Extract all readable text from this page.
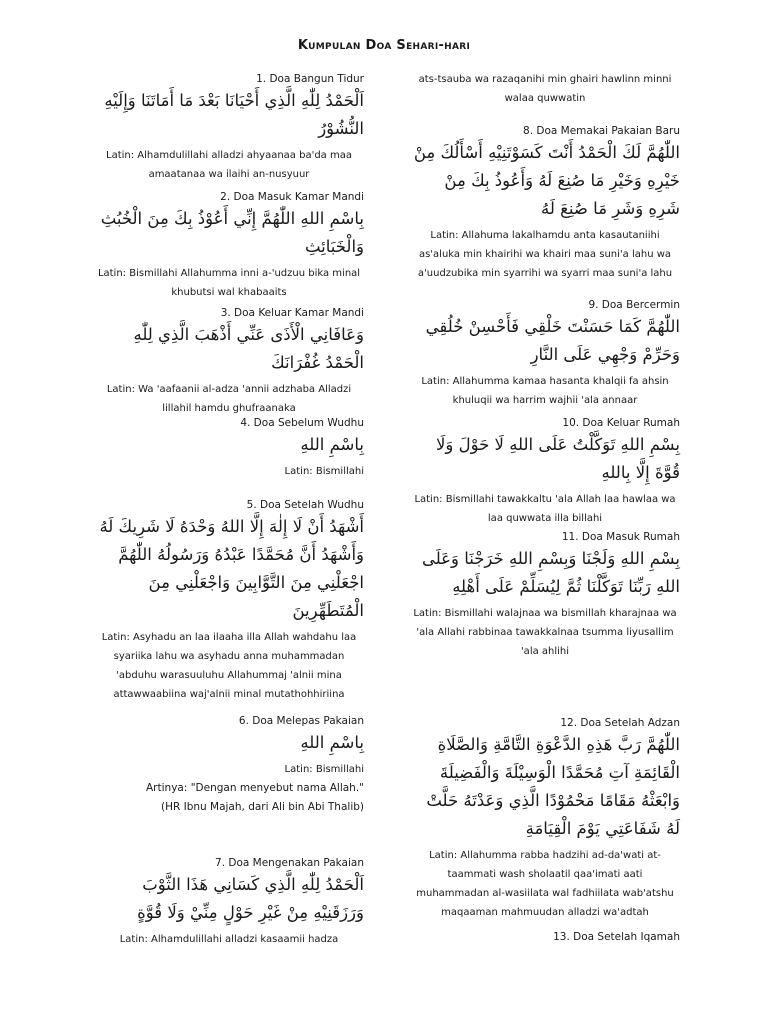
Kumpulan Doa Sehari-hari
1. Doa Bangun Tidur
اَلْحَمْدُ لِلّٰهِ الَّذِي أَحْيَانَا بَعْدَ مَا أَمَاتَنَا وَإِلَيْهِ النُّشُوْرُ
Latin: Alhamdulillahi alladzi ahyaanaa ba'da maa amaatanaa wa ilaihi an-nusyuur
2. Doa Masuk Kamar Mandi
بِاسْمِ اللهِ اللّٰهُمَّ إِنِّي أَعُوْذُ بِكَ مِنَ الْخُبُثِ وَالْخَبَائِثِ
Latin: Bismillahi Allahumma inni a-'udzuu bika minal khubutsi wal khabaaits
3. Doa Keluar Kamar Mandi
وَعَافَانِي الْأَذَى عَنِّي أَذْهَبَ الَّذِي لِلّٰهِ الْحَمْدُ غُفْرَانَكَ
Latin: Wa 'aafaanii al-adza 'annii adzhaba Alladzi lillahil hamdu ghufraanaka
4. Doa Sebelum Wudhu
بِاسْمِ اللهِ
Latin: Bismillahi
5. Doa Setelah Wudhu
أَشْهَدُ أَنْ لَا إِلٰهَ إِلَّا اللهُ وَحْدَهُ لَا شَرِيكَ لَهُ وَأَشْهَدُ أَنَّ مُحَمَّدًا عَبْدُهُ وَرَسُولُهُ اللّٰهُمَّ اجْعَلْنِي مِنَ التَّوَّابِينَ وَاجْعَلْنِي مِنَ الْمُتَطَهِّرِينَ
Latin: Asyhadu an laa ilaaha illa Allah wahdahu laa syariika lahu wa asyhadu anna muhammadan 'abduhu warasuuluhu Allahummaj 'alnii mina attawwaabiina waj'alnii minal mutathohhiriina
6. Doa Melepas Pakaian
بِاسْمِ اللهِ
Latin: Bismillahi
Artinya: "Dengan menyebut nama Allah."
(HR Ibnu Majah, dari Ali bin Abi Thalib)
7. Doa Mengenakan Pakaian
اَلْحَمْدُ لِلّٰهِ الَّذِي كَسَانِي هَذَا الثَّوْبَ وَرَزَقَنِيْهِ مِنْ غَيْرِ حَوْلٍ مِنِّيْ وَلَا قُوَّةٍ
Latin: Alhamdulillahi alladzi kasaamii hadza
ats-tsauba wa razaqanihi min ghairi hawlinn minni walaa quwwatin
8. Doa Memakai Pakaian Baru
اللّٰهُمَّ لَكَ الْحَمْدُ أَنْتَ كَسَوْتَنِيْهِ أَسْأَلُكَ مِنْ خَيْرِهِ وَخَيْرِ مَا صُنِعَ لَهُ وَأَعُوذُ بِكَ مِنْ شَرِهِ وَشَرِ مَا صُنِعَ لَهُ
Latin: Allahuma lakalhamdu anta kasautaniihi as'aluka min khairihi wa khairi maa suni'a lahu wa a'uudzubika min syarrihi wa syarri maa suni'a lahu
9. Doa Bercermin
اللّٰهُمَّ كَمَا حَسَنْتَ خَلْقِي فَأَحْسِنْ خُلُقِي وَحَرِّمْ وَجْهِي عَلَى النَّارِ
Latin: Allahumma kamaa hasanta khalqii fa ahsin khuluqii wa harrim wajhii 'ala annaar
10. Doa Keluar Rumah
بِسْمِ اللهِ تَوَكَّلْتُ عَلَى اللهِ لَا حَوْلَ وَلَا قُوَّةَ إِلَّا بِاللهِ
Latin: Bismillahi tawakkaltu 'ala Allah laa hawlaa wa laa quwwata illa billahi
11. Doa Masuk Rumah
بِسْمِ اللهِ وَلَجْنَا وَبِسْمِ اللهِ خَرَجْنَا وَعَلَى اللهِ رَبِّنَا تَوَكَّلْنَا ثُمَّ لِيُسَلِّمْ عَلَى أَهْلِهِ
Latin: Bismillahi walajnaa wa bismillah kharajnaa wa 'ala Allahi rabbinaa tawakkalnaa tsumma liyusallim 'ala ahlihi
12. Doa Setelah Adzan
اللّٰهُمَّ رَبَّ هَذِهِ الدَّعْوَةِ التَّامَّةِ وَالصَّلَاةِ الْقَائِمَةِ آتِ مُحَمَّدًا الْوَسِيْلَةَ وَالْفَضِيلَةَ وَابْعَثْهُ مَقَامًا مَحْمُوْدًا الَّذِي وَعَدْتَهُ حَلَّتْ لَهُ شَفَاعَتِي يَوْمَ الْقِيَامَةِ
Latin: Allahumma rabba hadzihi ad-da'wati at-taammati wash sholaatil qaa'imati aati muhammadan al-wasiilata wal fadhiilata wab'atshu maqaaman mahmuudan alladzi wa'adtah
13. Doa Setelah Iqamah
